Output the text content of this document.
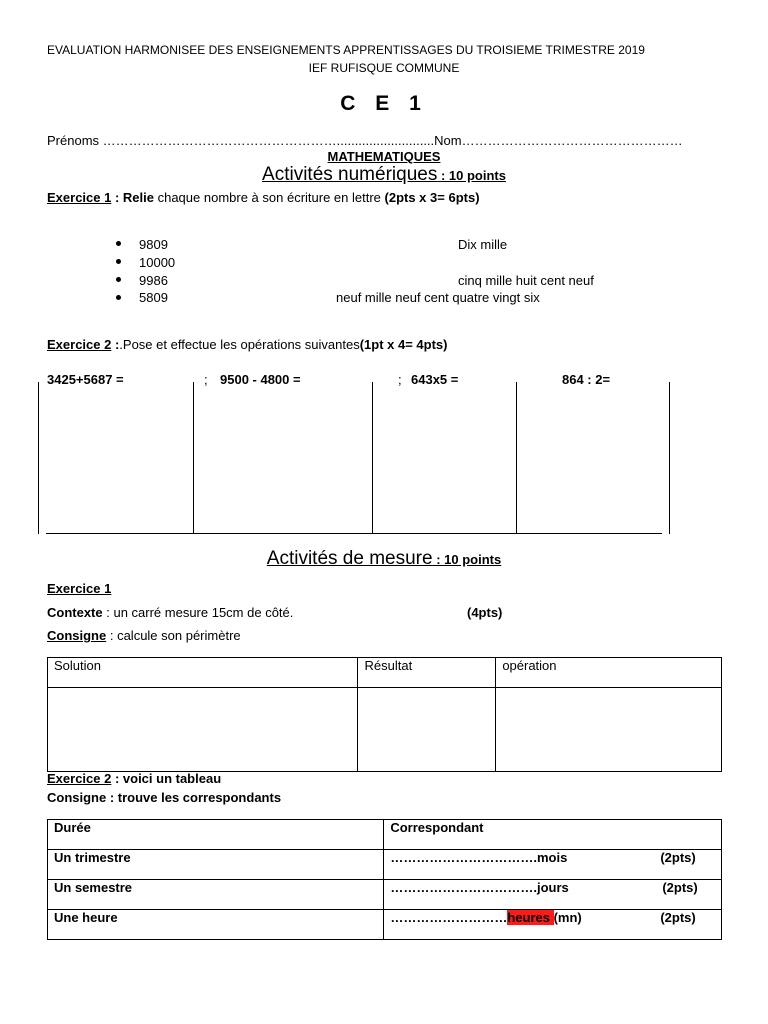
EVALUATION HARMONISEE DES ENSEIGNEMENTS APPRENTISSAGES DU TROISIEME TRIMESTRE 2019
IEF RUFISQUE COMMUNE
C E 1
Prénoms ………………………………………………...........................Nom……………………………………………
MATHEMATIQUES
Activités numériques : 10 points
Exercice 1 : Relie chaque nombre à son écriture en lettre (2pts x 3= 6pts)
9809
10000
9986
5809
Dix mille
cinq mille huit cent neuf
neuf mille neuf cent quatre vingt six
Exercice 2 :.Pose et effectue les opérations suivantes(1pt x 4= 4pts)
3425+5687 =	; 9500 - 4800 =	; 643x5 =	864 : 2=
Activités de mesure : 10 points
Exercice 1
Contexte : un carré mesure 15cm de côté.	(4pts)
Consigne : calcule son périmètre
Solution	Résultat	opération

Exercice 2 : voici un tableau
Consigne : trouve les correspondants
Durée	Correspondant
Un trimestre	…………………………….mois (2pts)

Un semestre	…………………………….jours (2pts)

Une heure	………………………heures (mn) (2pts)
